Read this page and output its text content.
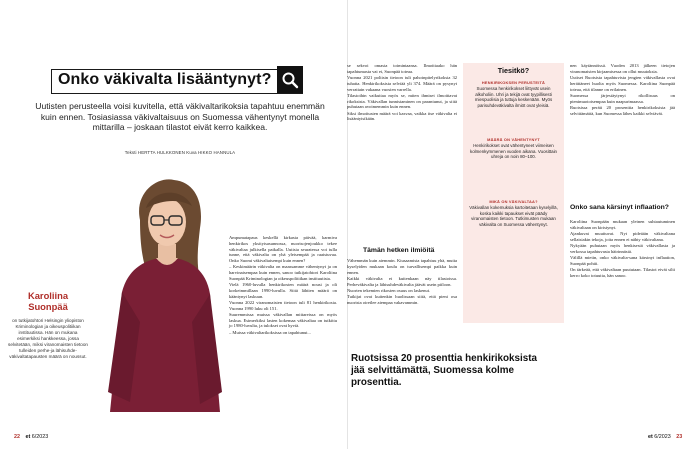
Onko väkivalta lisääntynyt?
Uutisten perusteella voisi kuvitella, että väkivaltarikoksia tapahtuu enemmän kuin ennen. Tosiasiassa väkivaltaisuus on Suomessa vähentynyt monella mittarilla – joskaan tilastot eivät kerro kaikkea.
Teksti HERTTA HULKKONEN Kuva HIKKO HANNULA
Karoliina Suonpää
on tutkijatohtori Helsingin yliopiston Kriminologian ja oikeuspolitiikan instituutissa. Hän on mukana esimerkiksi hankkeessa, jossa selvitetään, miksi viranomaisten tietoon tulleiden perhe-ja lähisuhde-väkivaltatapausten määrä on noussut.

Ampumatapaus keskellä kirkasta päivää, karmiva henkirikos yksityisasunnossa, nuorisojenjoukko tekee väkivaltaa julkisella paikalla. Uutisia seuratessa voi tulla tunne, että väkivalta on yhä yleisempää ja raaistuvaa. Onko Suomi väkivaltaisempi kuin ennen?

– Keskimäärin väkivalta on maassamme vähentynyt ja on harvinaisempaa kuin ennen, sanoo tutkijatohtori Karoliina Suonpää Kriminologian ja oikeuspolitiikan instituutista.

Vielä 1960-luvulla henkirikosten määrä nousi ja oli korkeimmillaan 1990-luvulla. Siitä lähtien määrä on kääntynyt laskuun.

Vuonna 2022 viranomaisten tietoon tuli 81 henkirikosta. Vuonna 1990 luku oli 151.

Suuremmissa muissa väkivallan mittareissa on myös laskua. Esimerkiksi lasten kokemaa väkivaltaa on tutkittu jo 1980-luvulta, ja tulokset ovat hyviä.

– Muissa väkivaltarikoksissa on tapahtunut...

22 et 6/2023

se sekvoi omasta toimintaansa. Ilmoittaako hän tapahtumasta vai ei, Suonpää toteaa.

Vuonna 2021 poliisin tietoon tuli pahoinpitelyrikoksia 32 tuhatta. Henkirikoksista selviää yli 374. Määrä on pysynyt verrattain vakaana vuosien varrella.

Tilastoihin vaikuttaa myös se, miten ihmiset ilmoittavat rikoksista. Väkivallan tunnistaminen on parantunut, ja siitä puhutaan avoimemmin kuin ennen.

Siksi ilmoitusten määrä voi kasvaa, vaikka itse väkivalta ei lisääntyisikään.

Tämän hetken ilmiöitä

Vähemmän kuin aiemmin. Kiusaamista tapahtuu yhä, mutta kyselyiden mukaan koulu on turvallisempi paikka kuin ennen.

Kaikki väkivalta ei kuitenkaan näy tilastoissa. Perheväkivalta ja lähisuhdeväkivalta jäävät usein piiloon.

Nuorten tekemien rikosten osuus on laskenut.

Tutkijat ovat kuitenkin huolissaan siitä, että pieni osa nuorista oireilee aiempaa vakavammin.

Tiesitkö?
HENKIRIKOKSEN PERUSTEITÄ
Suomessa henkirikokset liittyvät usein alkoholiin. Uhri ja tekijä ovat tyypillisesti miespuolisia ja tuttuja keskenään. Myös parisuhdeväkivalta ilmiöt ovat yleisiä.
MÄÄRÄ ON VÄHENTYNYT
Henkirikokset ovat vähentyneet viimeisen kolmenkymmenen vuoden aikana. Vuosittain uhreja on noin 80–100.
MIKÄ ON VÄKIVALTAA?
Väkivallan kokemuksia kartoitetaan kyselyillä, koska kaikki tapaukset eivät päädy viranomaisten tietoon. Tutkimusten mukaan väkivalta on Suomessa vähentynyt.

nen käytännöissä. Vuoden 2013 jälkeen tietojen viranomaisten kirjaamisessa on ollut muutoksia.

Uutiset Ruotsista tapahtuvista jengien väkivallasta ovat herättäneet huolta myös Suomessa. Karoliina Suonpää toteaa, että tilanne on erilainen.

Suomessa järjestäytynyt rikollisuus on pienimuotoisempaa kuin naapurimaassa.

Ruotsissa peräti 20 prosenttia henkirikoksista jää selvittämättä, kun Suomessa lähes kaikki selviävät.

Onko sana kärsinyt inflaation?

Karoliina Suonpään mukaan yleinen suhtautuminen väkivaltaan on kiristynyt.

Ajankuvat muuttuvat. Nyt pidetään väkivaltana sellaisiakin tekoja, joita ennen ei nähty väkivaltana.

Nykyään puhutaan myös henkisestä väkivallasta ja verkossa tapahtuvasta häirinnästä.

Välillä mietin, onko väkivalta-sana kärsinyt inflaation, Suonpää pohtii.

On tärkeää, että väkivaltaan puututaan. Tilastot eivät silti kerro koko totuutta, hän sanoo.

Ruotsissa 20 prosenttia henkirikoksista jää selvittämättä, Suomessa kolme prosenttia.
et 6/2023 23
